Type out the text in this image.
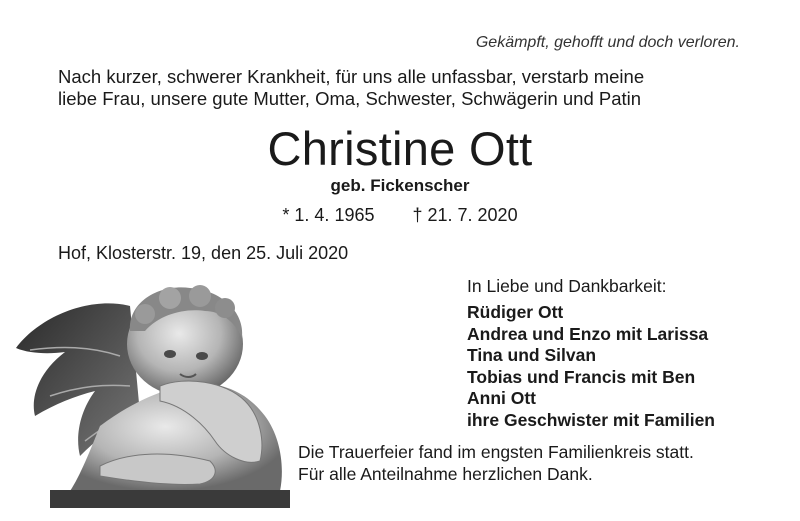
Gekämpft, gehofft und doch verloren.
Nach kurzer, schwerer Krankheit, für uns alle unfassbar, verstarb meine
liebe Frau, unsere gute Mutter, Oma, Schwester, Schwägerin und Patin
Christine Ott
geb. Fickenscher
* 1. 4. 1965 † 21. 7. 2020
Hof, Klosterstr. 19, den 25. Juli 2020
In Liebe und Dankbarkeit:
Rüdiger Ott
Andrea und Enzo mit Larissa
Tina und Silvan
Tobias und Francis mit Ben
Anni Ott
ihre Geschwister mit Familien
Die Trauerfeier fand im engsten Familienkreis statt.
Für alle Anteilnahme herzlichen Dank.
